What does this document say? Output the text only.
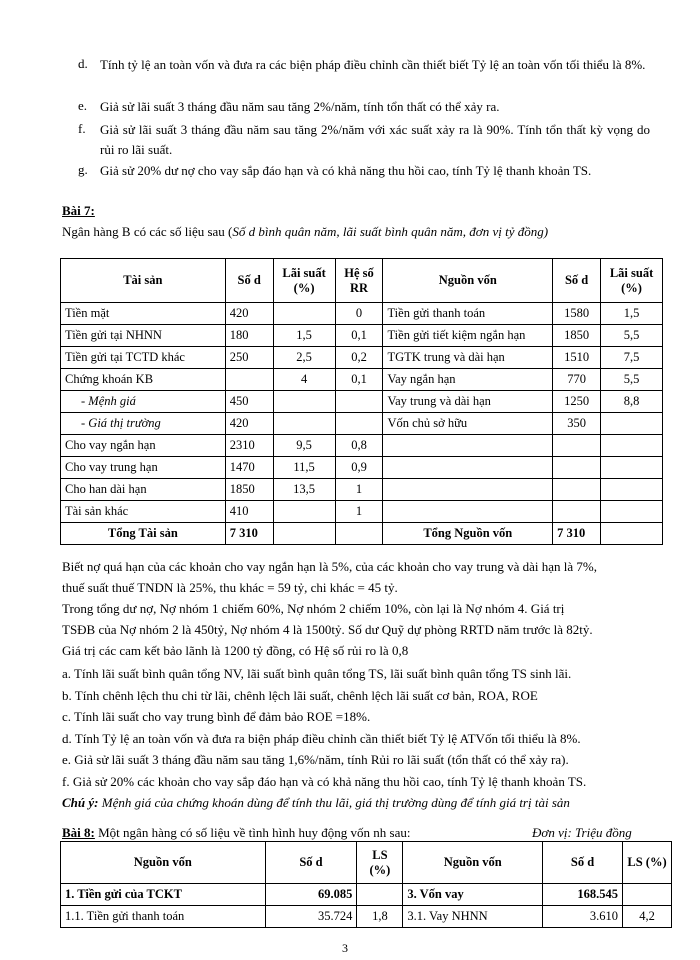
d. Tính tỷ lệ an toàn vốn và đưa ra các biện pháp điều chỉnh cần thiết biết Tỷ lệ an toàn vốn tối thiểu là 8%.
e. Giả sử lãi suất 3 tháng đầu năm sau tăng 2%/năm, tính tổn thất có thể xảy ra.
f. Giả sử lãi suất 3 tháng đầu năm sau tăng 2%/năm với xác suất xảy ra là 90%. Tính tổn thất kỳ vọng do rủi ro lãi suất.
g. Giả sử 20% dư nợ cho vay sắp đáo hạn và có khả năng thu hồi cao, tính Tỷ lệ thanh khoản TS.
Bài 7:
Ngân hàng B có các số liệu sau (Số d bình quân năm, lãi suất bình quân năm, đơn vị tỷ đồng)
Tài sản	Số d	Lãi suất (%)	Hệ số RR	Nguồn vốn	Số d	Lãi suất (%)
Tiền mặt	420		0	Tiền gửi thanh toán	1580	1,5
Tiền gửi tại NHNN	180	1,5	0,1	Tiền gửi tiết kiệm ngắn hạn	1850	5,5
Tiền gửi tại TCTD khác	250	2,5	0,2	TGTK trung và dài hạn	1510	7,5
Chứng khoán KB		4	0,1	Vay ngắn hạn	770	5,5
- Mệnh giá	450			Vay trung và dài hạn	1250	8,8
- Giá thị trường	420			Vốn chủ sở hữu	350	
Cho vay ngắn hạn	2310	9,5	0,8			
Cho vay trung hạn	1470	11,5	0,9			
Cho han dài hạn	1850	13,5	1			
Tài sản khác	410		1			
Tổng Tài sản	7 310			Tổng Nguồn vốn	7 310	
Biết nợ quá hạn của các khoản cho vay ngắn hạn là 5%, của các khoản cho vay trung và dài hạn là 7%,
thuế suất thuế TNDN là 25%, thu khác = 59 tỷ, chi khác = 45 tỷ.
Trong tổng dư nợ, Nợ nhóm 1 chiếm 60%, Nợ nhóm 2 chiếm 10%, còn lại là Nợ nhóm 4. Giá trị
TSĐB của Nợ nhóm 2 là 450tỷ, Nợ nhóm 4 là 1500tỷ. Số dư Quỹ dự phòng RRTD năm trước là 82tỷ.
Giá trị các cam kết bảo lãnh là 1200 tỷ đồng, có Hệ số rủi ro là 0,8
a. Tính lãi suất bình quân tổng NV, lãi suất bình quân tổng TS, lãi suất bình quân tổng TS sinh lãi.
b. Tính chênh lệch thu chi từ lãi, chênh lệch lãi suất, chênh lệch lãi suất cơ bản, ROA, ROE
c. Tính lãi suất cho vay trung bình để đảm bảo ROE =18%.
d. Tính Tỷ lệ an toàn vốn và đưa ra biện pháp điều chỉnh cần thiết biết Tỷ lệ ATVốn tối thiểu là 8%.
e. Giả sử lãi suất 3 tháng đầu năm sau tăng 1,6%/năm, tính Rủi ro lãi suất (tổn thất có thể xảy ra).
f. Giả sử 20% các khoản cho vay sắp đáo hạn và có khả năng thu hồi cao, tính Tỷ lệ thanh khoản TS.
Chú ý: Mệnh giá của chứng khoán dùng để tính thu lãi, giá thị trường dùng để tính giá trị tài sản
Bài 8: Một ngân hàng có số liệu về tình hình huy động vốn nh sau:	Đơn vị: Triệu đồng
Nguồn vốn	Số d	LS (%)	Nguồn vốn	Số d	LS (%)
1. Tiền gửi của TCKT	69.085		3. Vốn vay	168.545	
1.1. Tiền gửi thanh toán	35.724	1,8	3.1. Vay NHNN	3.610	4,2
3
